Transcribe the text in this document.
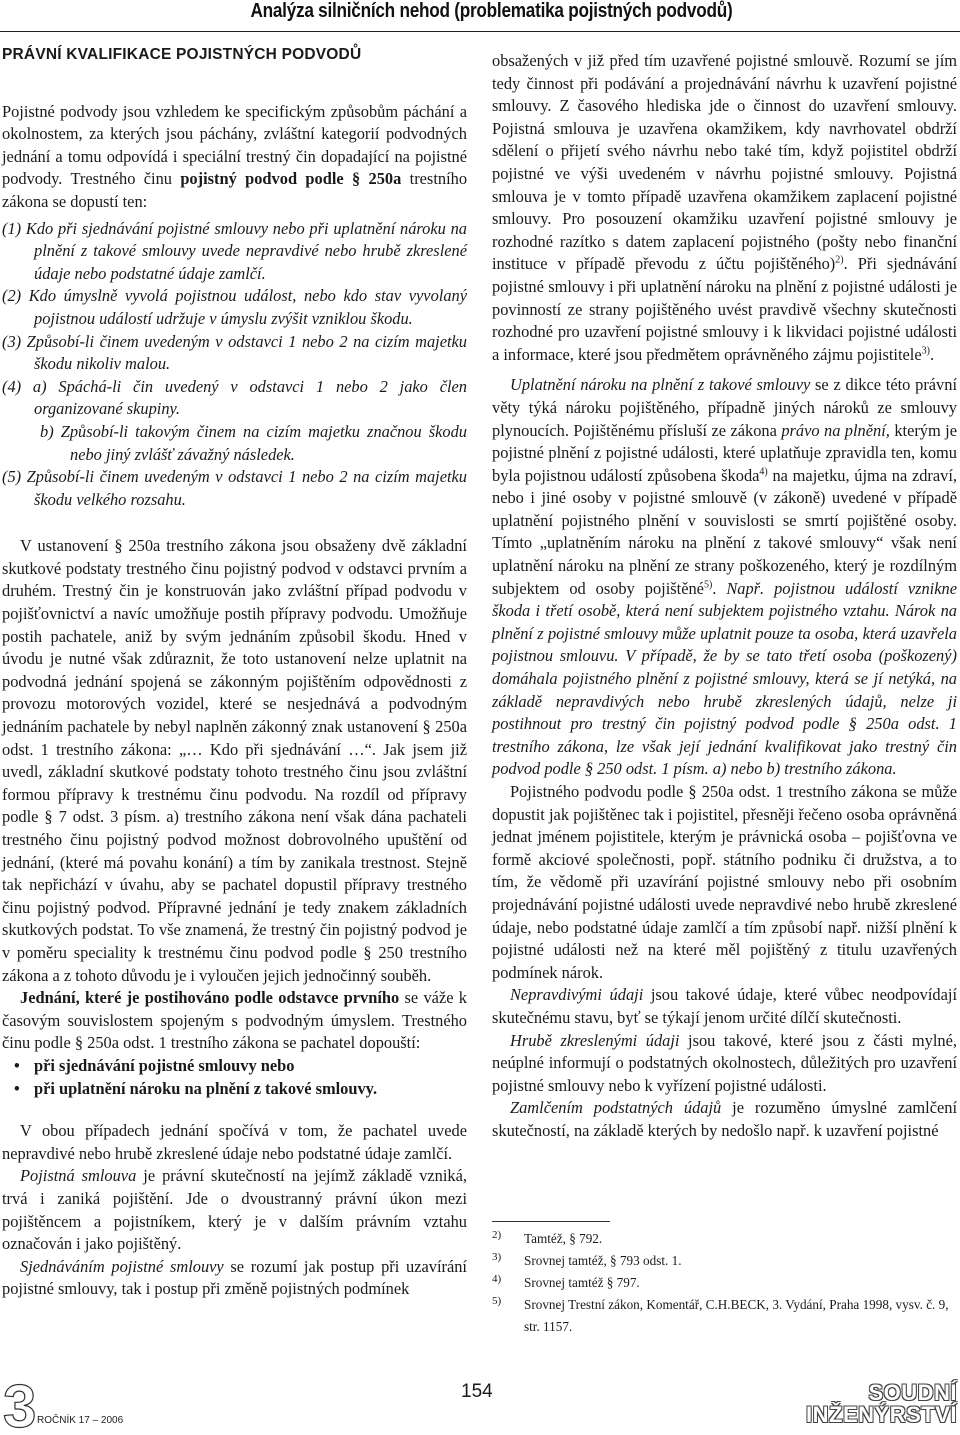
Analýza silničních nehod (problematika pojistných podvodů)
PRÁVNÍ KVALIFIKACE POJISTNÝCH PODVODŮ

Pojistné podvody jsou vzhledem ke specifickým způsobům páchání a okolnostem, za kterých jsou páchány, zvláštní kategorií podvodných jednání a tomu odpovídá i speciální trestný čin dopadající na pojistné podvody. Trestného činu pojistný podvod podle § 250a trestního zákona se dopustí ten:

(1) Kdo při sjednávání pojistné smlouvy nebo při uplatnění nároku na plnění z takové smlouvy uvede nepravdivé nebo hrubě zkreslené údaje nebo podstatné údaje zamlčí.

(2) Kdo úmyslně vyvolá pojistnou událost, nebo kdo stav vyvolaný pojistnou událostí udržuje v úmyslu zvýšit vzniklou škodu.

(3) Způsobí-li činem uvedeným v odstavci 1 nebo 2 na cizím majetku škodu nikoliv malou.

(4) a) Spáchá-li čin uvedený v odstavci 1 nebo 2 jako člen organizované skupiny.

b) Způsobí-li takovým činem na cizím majetku značnou škodu nebo jiný zvlášť závažný následek.

(5) Způsobí-li činem uvedeným v odstavci 1 nebo 2 na cizím majetku škodu velkého rozsahu.

V ustanovení § 250a trestního zákona jsou obsaženy dvě základní skutkové podstaty trestného činu pojistný podvod v odstavci prvním a druhém. Trestný čin je konstruován jako zvláštní případ podvodu v pojišťovnictví a navíc umožňuje postih přípravy podvodu. Umožňuje postih pachatele, aniž by svým jednáním způsobil škodu. Hned v úvodu je nutné však zdůraznit, že toto ustanovení nelze uplatnit na podvodná jednání spojená se zákonným pojištěním odpovědnosti z provozu motorových vozidel, které se nesjednává a podvodným jednáním pachatele by nebyl naplněn zákonný znak ustanovení § 250a odst. 1 trestního zákona: „… Kdo při sjednávání …“. Jak jsem již uvedl, základní skutkové podstaty tohoto trestného činu jsou zvláštní formou přípravy k trestnému činu podvodu. Na rozdíl od přípravy podle § 7 odst. 3 písm. a) trestního zákona není však dána pachateli trestného činu pojistný podvod možnost dobrovolného upuštění od jednání, (které má povahu konání) a tím by zanikala trestnost. Stejně tak nepřichází v úvahu, aby se pachatel dopustil přípravy trestného činu pojistný podvod. Přípravné jednání je tedy znakem základních skutkových podstat. To vše znamená, že trestný čin pojistný podvod je v poměru speciality k trestnému činu podvod podle § 250 trestního zákona a z tohoto důvodu je i vyloučen jejich jednočinný souběh.

Jednání, které je postihováno podle odstavce prvního se váže k časovým souvislostem spojeným s podvodným úmyslem. Trestného činu podle § 250a odst. 1 trestního zákona se pachatel dopouští:

• při sjednávání pojistné smlouvy nebo
• při uplatnění nároku na plnění z takové smlouvy.

V obou případech jednání spočívá v tom, že pachatel uvede nepravdivé nebo hrubě zkreslené údaje nebo podstatné údaje zamlčí.

Pojistná smlouva je právní skutečností na jejímž základě vzniká, trvá i zaniká pojištění. Jde o dvoustranný právní úkon mezi pojištěncem a pojistníkem, který je v dalším právním vztahu označován i jako pojištěný.

Sjednáváním pojistné smlouvy se rozumí jak postup při uzavírání pojistné smlouvy, tak i postup při změně pojistných podmínek

obsažených v již před tím uzavřené pojistné smlouvě. Rozumí se jím tedy činnost při podávání a projednávání návrhu k uzavření pojistné smlouvy. Z časového hlediska jde o činnost do uzavření smlouvy. Pojistná smlouva je uzavřena okamžikem, kdy navrhovatel obdrží sdělení o přijetí svého návrhu nebo také tím, když pojistitel obdrží pojistné ve výši uvedeném v návrhu pojistné smlouvy. Pojistná smlouva je v tomto případě uzavřena okamžikem zaplacení pojistné smlouvy. Pro posouzení okamžiku uzavření pojistné smlouvy je rozhodné razítko s datem zaplacení pojistného (pošty nebo finanční instituce v případě převodu z účtu pojištěného)$^{2)}$. Při sjednávání pojistné smlouvy i při uplatnění nároku na plnění z pojistné události je povinností ze strany pojištěného uvést pravdivě všechny skutečnosti rozhodné pro uzavření pojistné smlouvy i k likvidaci pojistné události a informace, které jsou předmětem oprávněného zájmu pojistitele$^{3)}$.

Uplatnění nároku na plnění z takové smlouvy se z dikce této právní věty týká nároku pojištěného, případně jiných nároků ze smlouvy plynoucích. Pojištěnému přísluší ze zákona právo na plnění, kterým je pojistné plnění z pojistné události, které uplatňuje zpravidla ten, komu byla pojistnou událostí způsobena škoda$^{4)}$ na majetku, újma na zdraví, nebo i jiné osoby v pojistné smlouvě (v zákoně) uvedené v případě uplatnění pojistného plnění v souvislosti se smrtí pojištěné osoby. Tímto „uplatněním nároku na plnění z takové smlouvy“ však není uplatnění nároku na plnění ze strany poškozeného, který je rozdílným subjektem od osoby pojištěné$^{5)}$. Např. pojistnou událostí vznikne škoda i třetí osobě, která není subjektem pojistného vztahu. Nárok na plnění z pojistné smlouvy může uplatnit pouze ta osoba, která uzavřela pojistnou smlouvu. V případě, že by se tato třetí osoba (poškozený) domáhala pojistného plnění z pojistné smlouvy, která se jí netýká, na základě nepravdivých nebo hrubě zkreslených údajů, nelze ji postihnout pro trestný čin pojistný podvod podle § 250a odst. 1 trestního zákona, lze však její jednání kvalifikovat jako trestný čin podvod podle § 250 odst. 1 písm. a) nebo b) trestního zákona.

Pojistného podvodu podle § 250a odst. 1 trestního zákona se může dopustit jak pojištěnec tak i pojistitel, přesněji řečeno osoba oprávněná jednat jménem pojistitele, kterým je právnická osoba – pojišťovna ve formě akciové společnosti, popř. státního podniku či družstva, a to tím, že vědomě při uzavírání pojistné smlouvy nebo při osobním projednávání pojistné události uvede nepravdivé nebo hrubě zkreslené údaje, nebo podstatné údaje zamlčí a tím způsobí např. nižší plnění k pojistné události než na které měl pojištěný z titulu uzavřených podmínek nárok.

Nepravdivými údaji jsou takové údaje, které vůbec neodpovídají skutečnému stavu, byť se týkají jenom určité dílčí skutečnosti.

Hrubě zkreslenými údaji jsou takové, které jsou z části mylné, neúplné informují o podstatných okolnostech, důležitých pro uzavření pojistné smlouvy nebo k vyřízení pojistné události.

Zamlčením podstatných údajů je rozuměno úmyslné zamlčení skutečností, na základě kterých by nedošlo např. k uzavření pojistné

2) Tamtéž, § 792.
3) Srovnej tamtéž, § 793 odst. 1.
4) Srovnej tamtéž § 797.
5) Srovnej Trestní zákon, Komentář, C.H.BECK, 3. Vydání, Praha 1998, vysv. č. 9, str. 1157.
3 ROČNÍK 17 – 2006
154	SOUDNÍ
INŽENÝRSTVÍ
